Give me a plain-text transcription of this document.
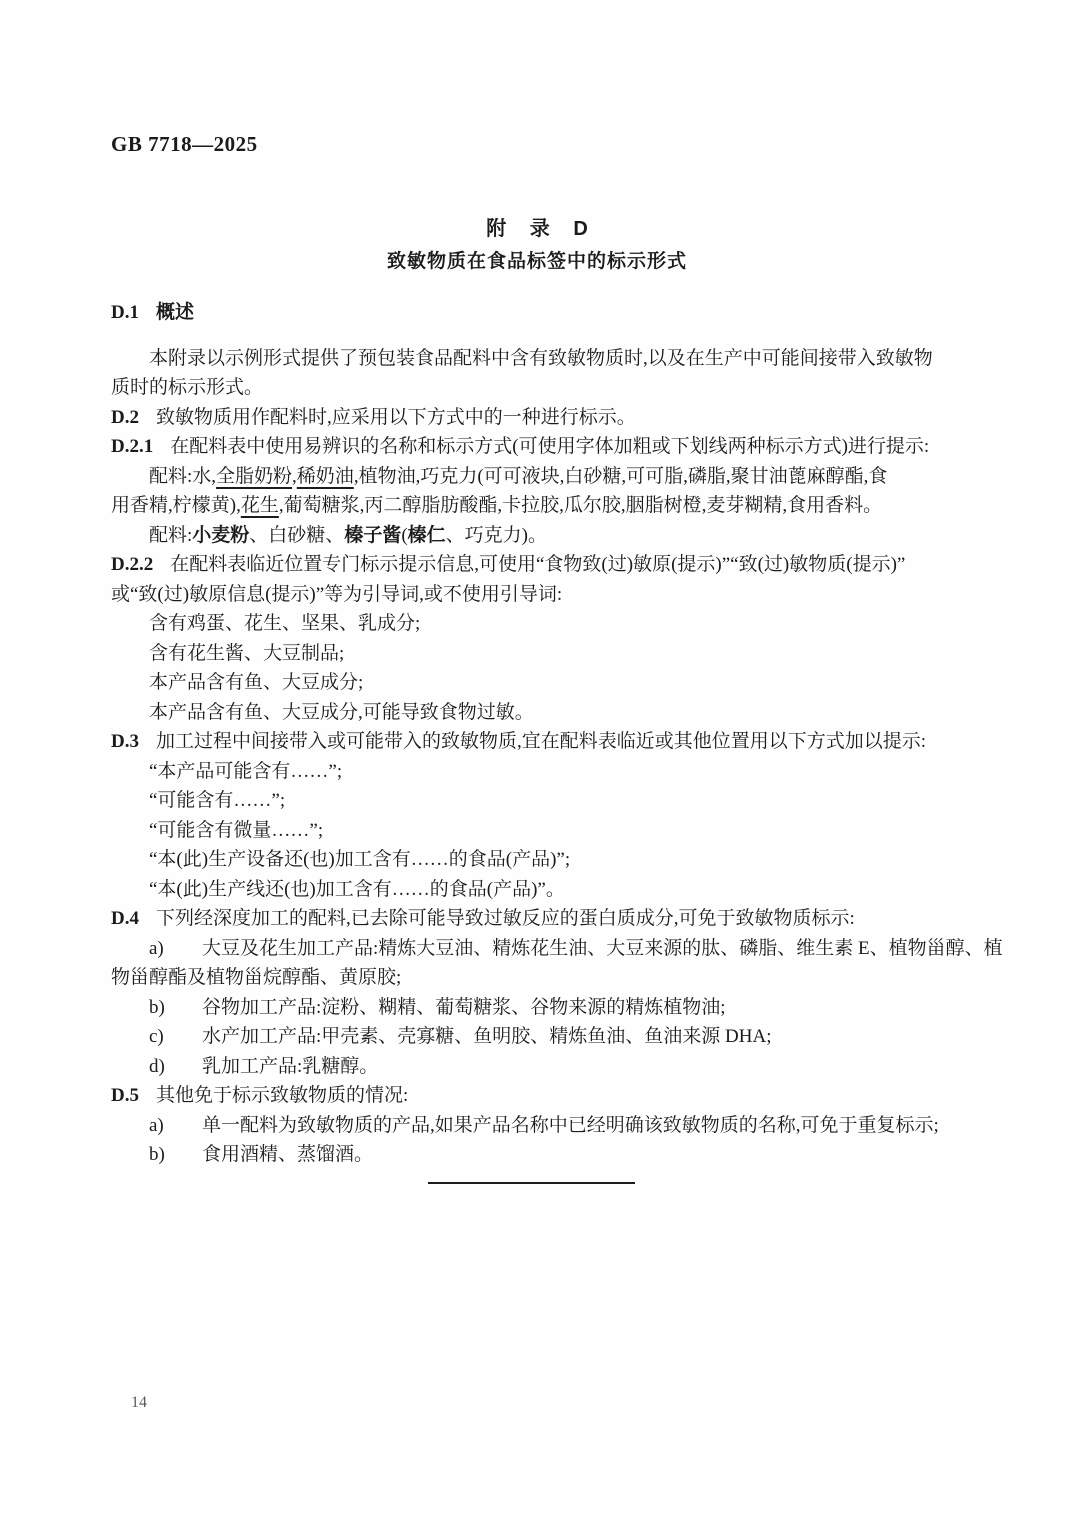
GB 7718—2025
附 录 D
致敏物质在食品标签中的标示形式
D.1 概述
本附录以示例形式提供了预包装食品配料中含有致敏物质时,以及在生产中可能间接带入致敏物
质时的标示形式。
D.2 致敏物质用作配料时,应采用以下方式中的一种进行标示。
D.2.1 在配料表中使用易辨识的名称和标示方式(可使用字体加粗或下划线两种标示方式)进行提示:
配料:水,全脂奶粉,稀奶油,植物油,巧克力(可可液块,白砂糖,可可脂,磷脂,聚甘油蓖麻醇酯,食
用香精,柠檬黄),花生,葡萄糖浆,丙二醇脂肪酸酯,卡拉胶,瓜尔胶,胭脂树橙,麦芽糊精,食用香料。
配料:小麦粉、白砂糖、榛子酱(榛仁、巧克力)。
D.2.2 在配料表临近位置专门标示提示信息,可使用“食物致(过)敏原(提示)”“致(过)敏物质(提示)”
或“致(过)敏原信息(提示)”等为引导词,或不使用引导词:
含有鸡蛋、花生、坚果、乳成分;
含有花生酱、大豆制品;
本产品含有鱼、大豆成分;
本产品含有鱼、大豆成分,可能导致食物过敏。
D.3 加工过程中间接带入或可能带入的致敏物质,宜在配料表临近或其他位置用以下方式加以提示:
“本产品可能含有……”;
“可能含有……”;
“可能含有微量……”;
“本(此)生产设备还(也)加工含有……的食品(产品)”;
“本(此)生产线还(也)加工含有……的食品(产品)”。
D.4 下列经深度加工的配料,已去除可能导致过敏反应的蛋白质成分,可免于致敏物质标示:
a) 大豆及花生加工产品:精炼大豆油、精炼花生油、大豆来源的肽、磷脂、维生素 E、植物甾醇、植
物甾醇酯及植物甾烷醇酯、黄原胶;
b) 谷物加工产品:淀粉、糊精、葡萄糖浆、谷物来源的精炼植物油;
c) 水产加工产品:甲壳素、壳寡糖、鱼明胶、精炼鱼油、鱼油来源 DHA;
d) 乳加工产品:乳糖醇。
D.5 其他免于标示致敏物质的情况:
a) 单一配料为致敏物质的产品,如果产品名称中已经明确该致敏物质的名称,可免于重复标示;
b) 食用酒精、蒸馏酒。
14
